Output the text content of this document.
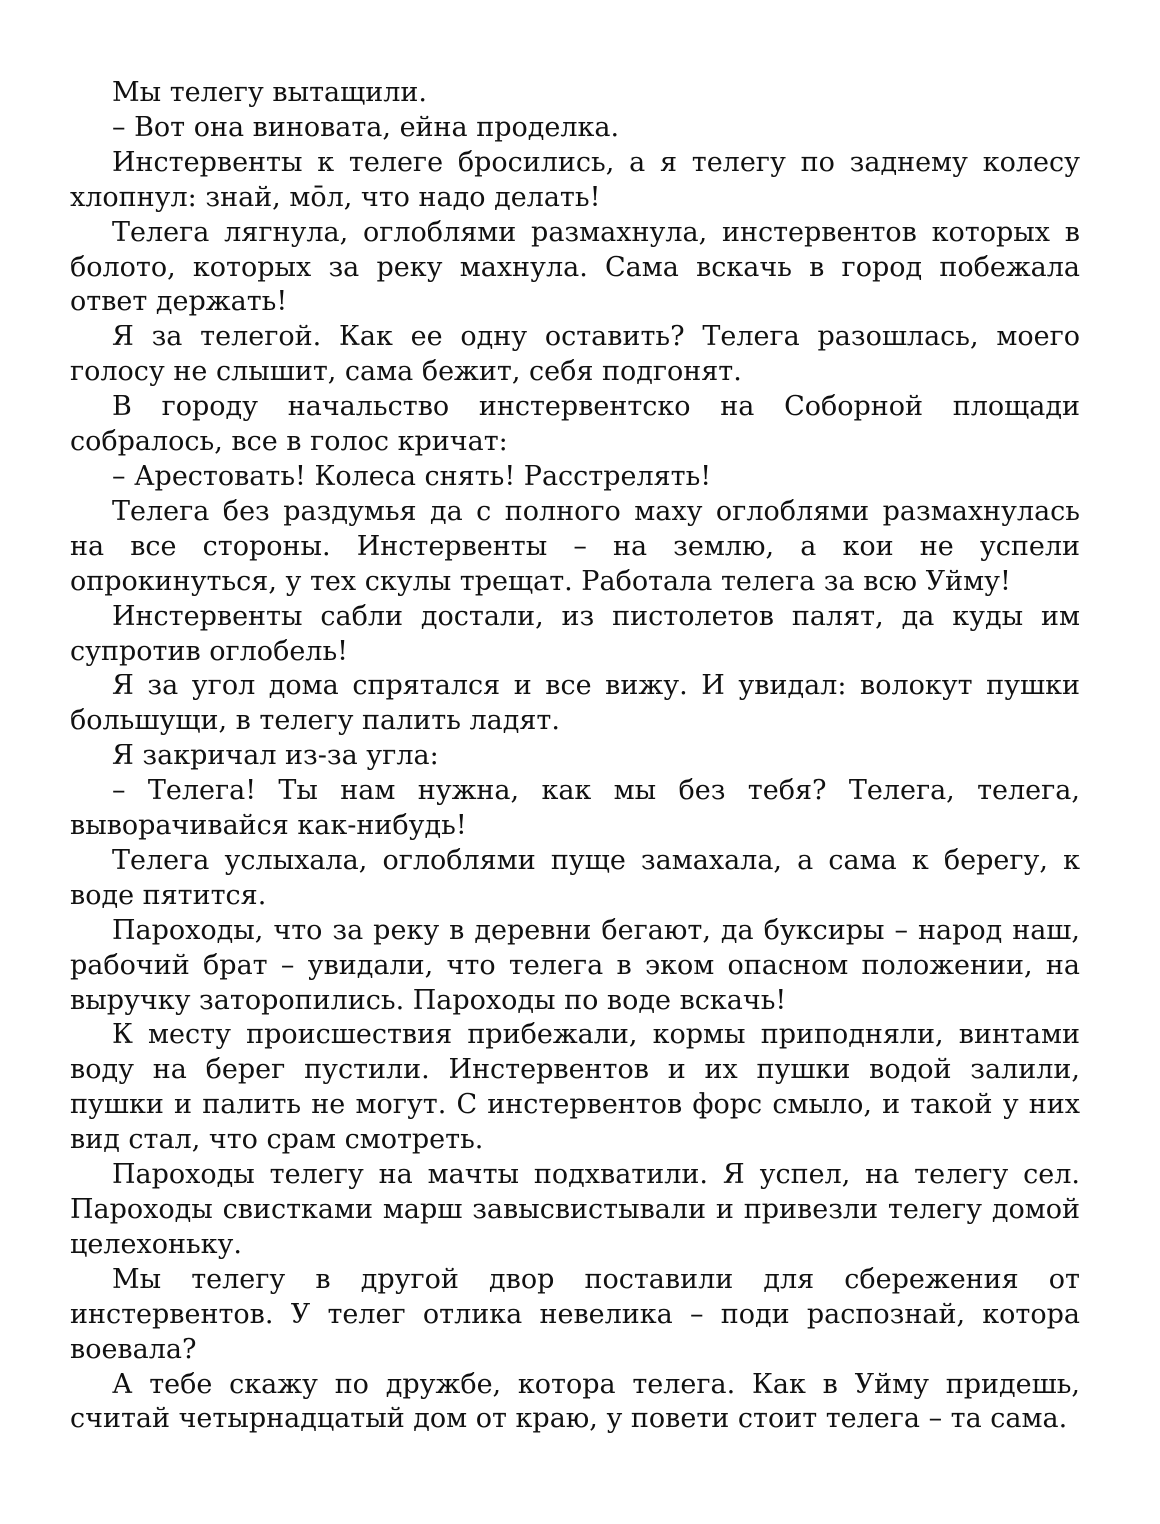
Мы телегу вытащили.

– Вот она виновата, ейна проделка.

Инстервенты к телеге бросились, а я телегу по заднему колесу хлопнул: знай, мо̄л, что надо делать!

Телега лягнула, оглоблями размахнула, инстервентов которых в болото, которых за реку махнула. Сама вскачь в город побежала ответ держать!

Я за телегой. Как ее одну оставить? Телега разошлась, моего голосу не слышит, сама бежит, себя подгонят.

В городу начальство инстервентско на Соборной площади собралось, все в голос кричат:

– Арестовать! Колеса снять! Расстрелять!

Телега без раздумья да с полного маху оглоблями размахнулась на все стороны. Инстервенты – на землю, а кои не успели опрокинуться, у тех скулы трещат. Работала телега за всю Уйму!

Инстервенты сабли достали, из пистолетов палят, да куды им супротив оглобель!

Я за угол дома спрятался и все вижу. И увидал: волокут пушки большущи, в телегу палить ладят.

Я закричал из-за угла:

– Телега! Ты нам нужна, как мы без тебя? Телега, телега, выворачивайся как-нибудь!

Телега услыхала, оглоблями пуще замахала, а сама к берегу, к воде пятится.

Пароходы, что за реку в деревни бегают, да буксиры – народ наш, рабочий брат – увидали, что телега в эком опасном положении, на выручку заторопились. Пароходы по воде вскачь!

К месту происшествия прибежали, кормы приподняли, винтами воду на берег пустили. Инстервентов и их пушки водой залили, пушки и палить не могут. С инстервентов форс смыло, и такой у них вид стал, что срам смотреть.

Пароходы телегу на мачты подхватили. Я успел, на телегу сел. Пароходы свистками марш завысвистывали и привезли телегу домой целехоньку.

Мы телегу в другой двор поставили для сбережения от инстервентов. У телег отлика невелика – поди распознай, котора воевала?

А тебе скажу по дружбе, котора телега. Как в Уйму придешь, считай четырнадцатый дом от краю, у повети стоит телега – та сама.
